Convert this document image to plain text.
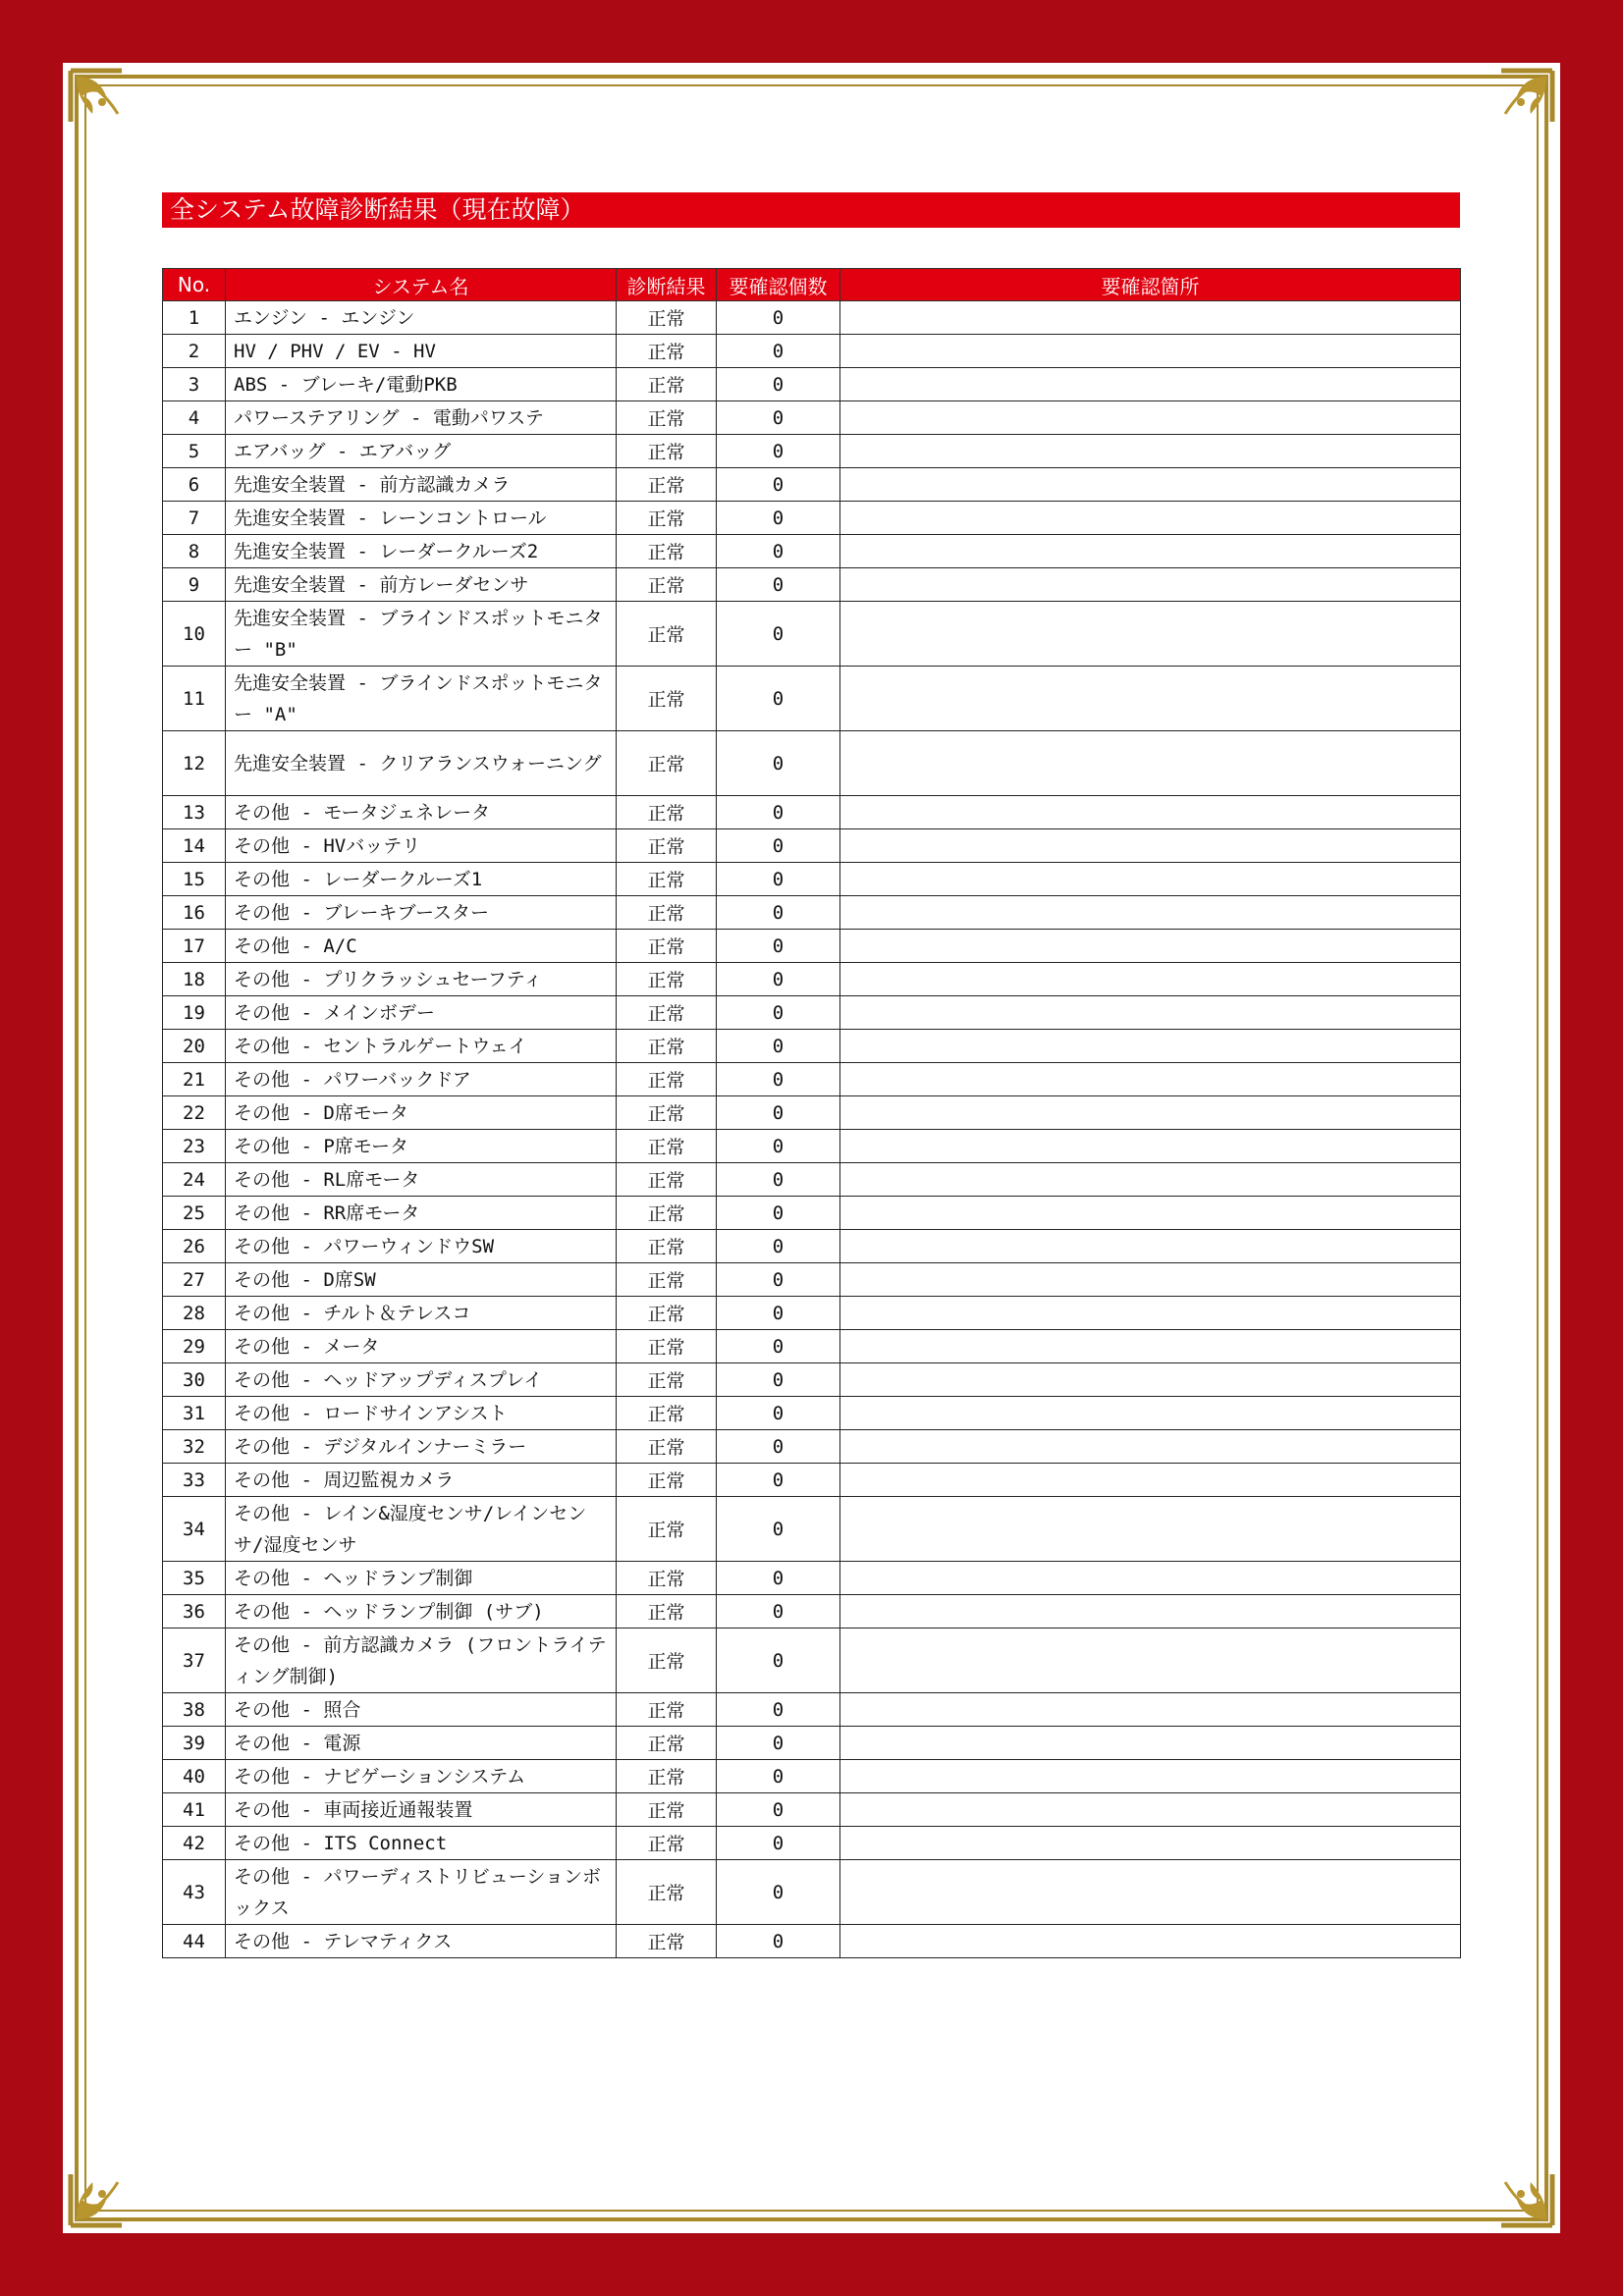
全システム故障診断結果（現在故障）
No.	システム名	診断結果	要確認個数	要確認箇所
1	エンジン - エンジン	正常	0	
2	HV / PHV / EV - HV	正常	0	
3	ABS - ブレーキ/電動PKB	正常	0	
4	パワーステアリング - 電動パワステ	正常	0	
5	エアバッグ - エアバッグ	正常	0	
6	先進安全装置 - 前方認識カメラ	正常	0	
7	先進安全装置 - レーンコントロール	正常	0	
8	先進安全装置 - レーダークルーズ2	正常	0	
9	先進安全装置 - 前方レーダセンサ	正常	0	
10	先進安全装置 - ブラインドスポットモニター "B"	正常	0	
11	先進安全装置 - ブラインドスポットモニター "A"	正常	0	
12	先進安全装置 - クリアランスウォーニング	正常	0	
13	その他 - モータジェネレータ	正常	0	
14	その他 - HVバッテリ	正常	0	
15	その他 - レーダークルーズ1	正常	0	
16	その他 - ブレーキブースター	正常	0	
17	その他 - A/C	正常	0	
18	その他 - プリクラッシュセーフティ	正常	0	
19	その他 - メインボデー	正常	0	
20	その他 - セントラルゲートウェイ	正常	0	
21	その他 - パワーバックドア	正常	0	
22	その他 - D席モータ	正常	0	
23	その他 - P席モータ	正常	0	
24	その他 - RL席モータ	正常	0	
25	その他 - RR席モータ	正常	0	
26	その他 - パワーウィンドウSW	正常	0	
27	その他 - D席SW	正常	0	
28	その他 - チルト＆テレスコ	正常	0	
29	その他 - メータ	正常	0	
30	その他 - ヘッドアップディスプレイ	正常	0	
31	その他 - ロードサインアシスト	正常	0	
32	その他 - デジタルインナーミラー	正常	0	
33	その他 - 周辺監視カメラ	正常	0	
34	その他 - レイン&湿度センサ/レインセンサ/湿度センサ	正常	0	
35	その他 - ヘッドランプ制御	正常	0	
36	その他 - ヘッドランプ制御 (サブ)	正常	0	
37	その他 - 前方認識カメラ (フロントライティング制御)	正常	0	
38	その他 - 照合	正常	0	
39	その他 - 電源	正常	0	
40	その他 - ナビゲーションシステム	正常	0	
41	その他 - 車両接近通報装置	正常	0	
42	その他 - ITS Connect	正常	0	
43	その他 - パワーディストリビューションボックス	正常	0	
44	その他 - テレマティクス	正常	0	
